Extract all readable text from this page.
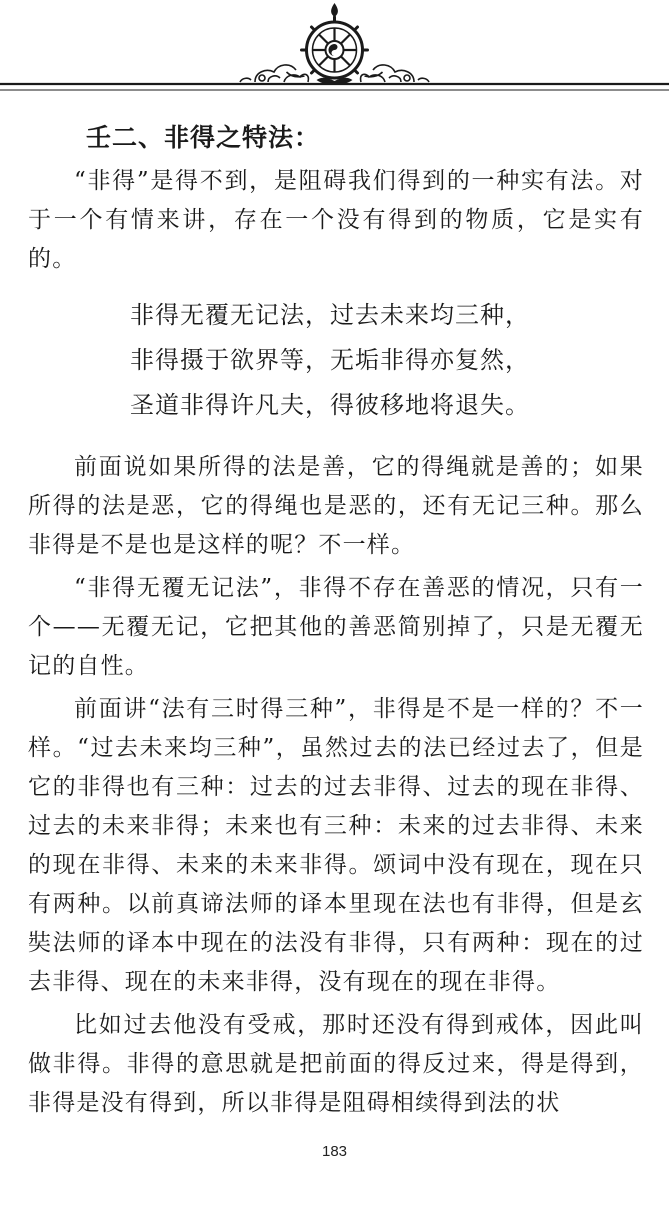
壬二、非得之特法：

“非得”是得不到，是阻碍我们得到的一种实有法。对于一个有情来讲，存在一个没有得到的物质，它是实有的。

非得无覆无记法，过去未来均三种，
非得摄于欲界等，无垢非得亦复然，
圣道非得许凡夫，得彼移地将退失。

前面说如果所得的法是善，它的得绳就是善的；如果所得的法是恶，它的得绳也是恶的，还有无记三种。那么非得是不是也是这样的呢？不一样。

“非得无覆无记法”，非得不存在善恶的情况，只有一个——无覆无记，它把其他的善恶简别掉了，只是无覆无记的自性。

前面讲“法有三时得三种”，非得是不是一样的？不一样。“过去未来均三种”，虽然过去的法已经过去了，但是它的非得也有三种：过去的过去非得、过去的现在非得、过去的未来非得；未来也有三种：未来的过去非得、未来的现在非得、未来的未来非得。颂词中没有现在，现在只有两种。以前真谛法师的译本里现在法也有非得，但是玄奘法师的译本中现在的法没有非得，只有两种：现在的过去非得、现在的未来非得，没有现在的现在非得。

比如过去他没有受戒，那时还没有得到戒体，因此叫做非得。非得的意思就是把前面的得反过来，得是得到，非得是没有得到，所以非得是阻碍相续得到法的状

183
